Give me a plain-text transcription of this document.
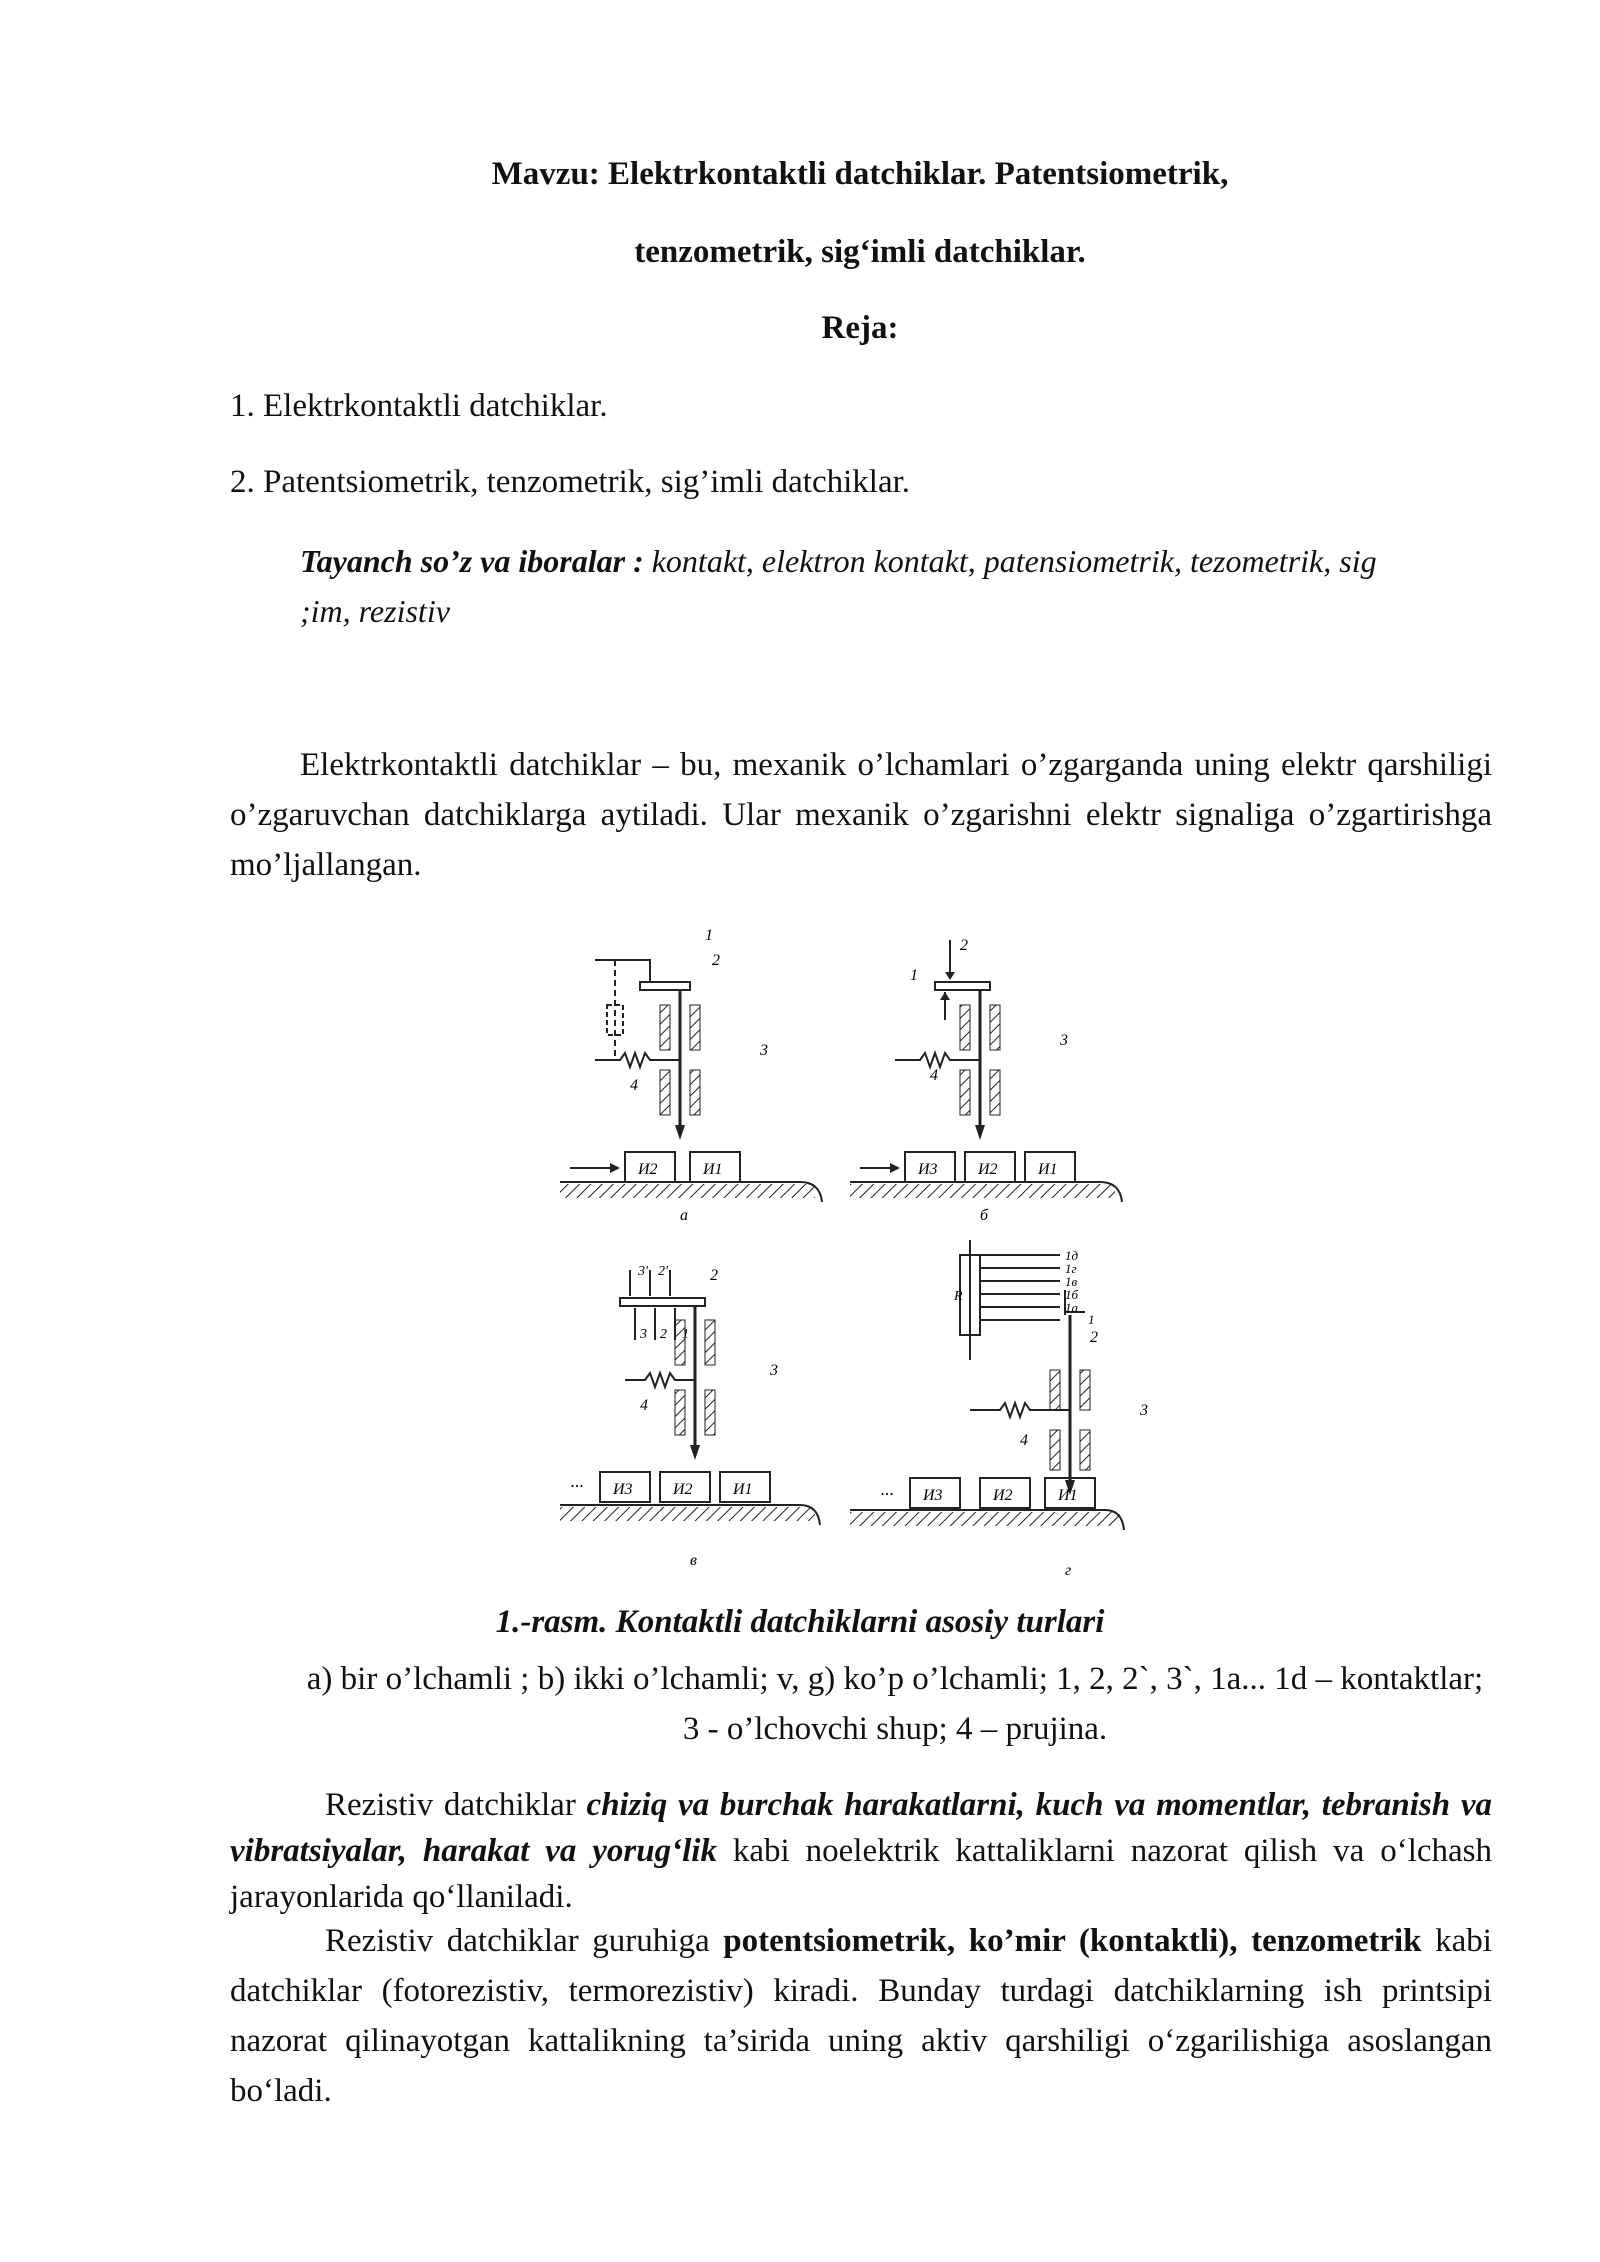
Mavzu: Elektrkontaktli datchiklar. Patentsiometrik,
tenzometrik, sig‘imli datchiklar.
Reja:
1. Elektrkontaktli datchiklar.
2. Patentsiometrik, tenzometrik, sig’imli datchiklar.
Tayanch so’z va iboralar : kontakt, elektron kontakt, patensiometrik, tezometrik, sig ;im, rezistiv
Elektrkontaktli datchiklar – bu, mexanik o’lchamlari o’zgarganda uning elektr qarshiligi o’zgaruvchan datchiklarga aytiladi. Ular mexanik o’zgarishni elektr signaliga o’zgartirishga mo’ljallangan.
И2	И1
1
2
3
4
а
И3	И2	И1
1
2
3
4
б
··· И3	И2	И1
3′ 2′
3 2 1
2
3
4
в
R
··· И3	И2	И1
1д
1г
1в
1б
1а
1
2
3
4
г
1.-rasm. Kontaktli datchiklarni asosiy turlari
a) bir o’lchamli ; b) ikki o’lchamli; v, g) ko’p o’lchamli; 1, 2, 2`, 3`, 1a... 1d – kontaktlar; 3 - o’lchovchi shup; 4 – prujina.
Rezistiv datchiklar chiziq va burchak harakatlarni, kuch va momentlar, tebranish va vibratsiyalar, harakat va yorug‘lik kabi noelektrik kattaliklarni nazorat qilish va o‘lchash jarayonlarida qo‘llaniladi.
Rezistiv datchiklar guruhiga potentsiometrik, ko’mir (kontaktli), tenzometrik kabi datchiklar (fotorezistiv, termorezistiv) kiradi. Bunday turdagi datchiklarning ish printsipi nazorat qilinayotgan kattalikning ta’sirida uning aktiv qarshiligi o‘zgarilishiga asoslangan bo‘ladi.
